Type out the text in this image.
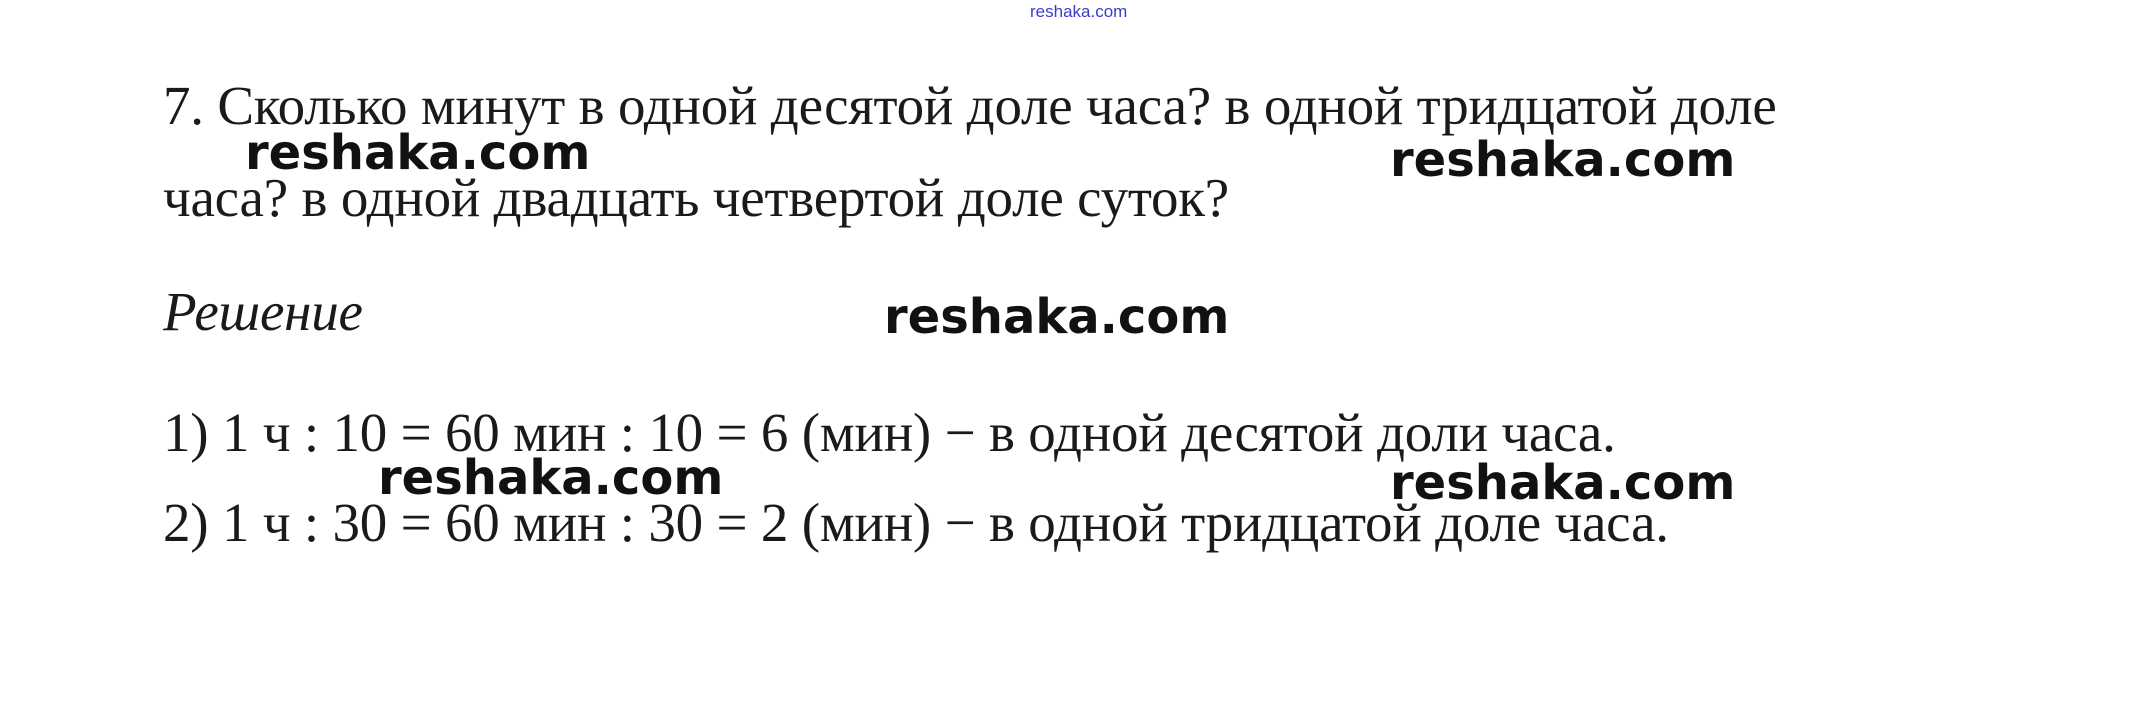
reshaka.com
7. Сколько минут в одной десятой доле часа? в одной тридцатой доле
часа? в одной двадцать четвертой доле суток?
Решение
1) 1 ч : 10 = 60 мин : 10 = 6 (мин) − в одной десятой доли часа.
2) 1 ч : 30 = 60 мин : 30 = 2 (мин) − в одной тридцатой доле часа.
reshaka.com	reshaka.com
reshaka.com
reshaka.com	reshaka.com
